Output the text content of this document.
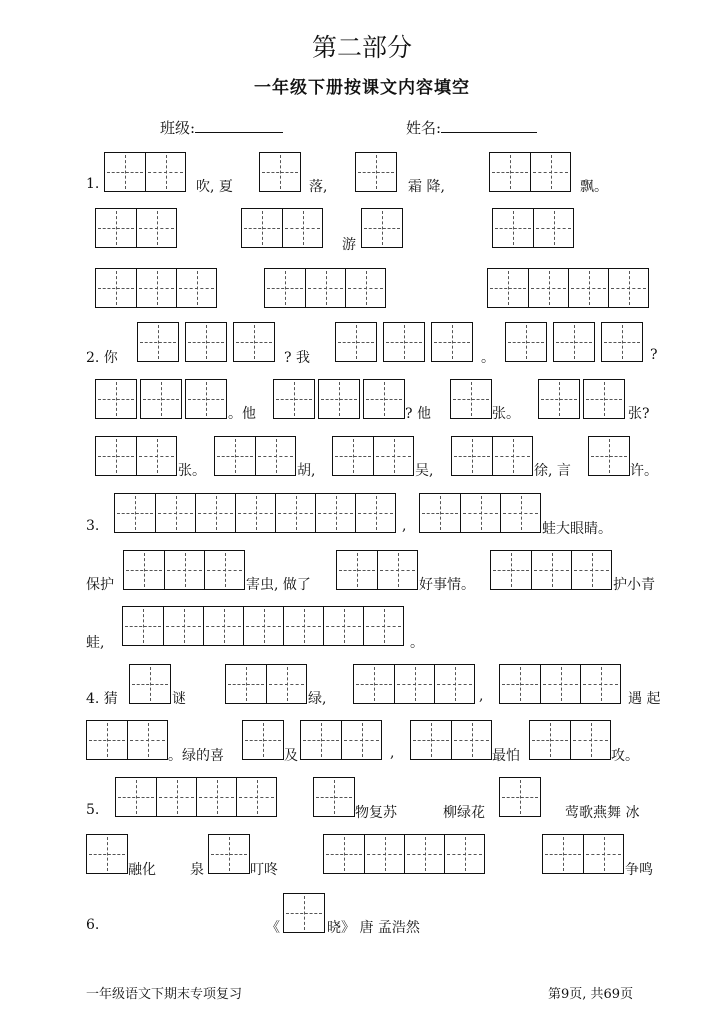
第二部分
一年级下册按课文内容填空
班级:	姓名:
1.	吹, 夏	落,	霜 降,	飘。
游
2. 你	? 我	。	?
。他	? 他	张。	张?
张。	胡,	吴,	徐, 言	许。
3.	,	蛙大眼睛。
保护	害虫, 做了	好事情。	护小青
蛙,	。
4. 猜	谜	绿,	,	遇 起
。绿的喜	及	,	最怕	攻。
5.	物复苏	柳绿花	莺歌燕舞 冰
融化 泉	叮咚	争鸣
6.	《	晓》 唐 孟浩然
一年级语文下期末专项复习	第9页, 共69页
